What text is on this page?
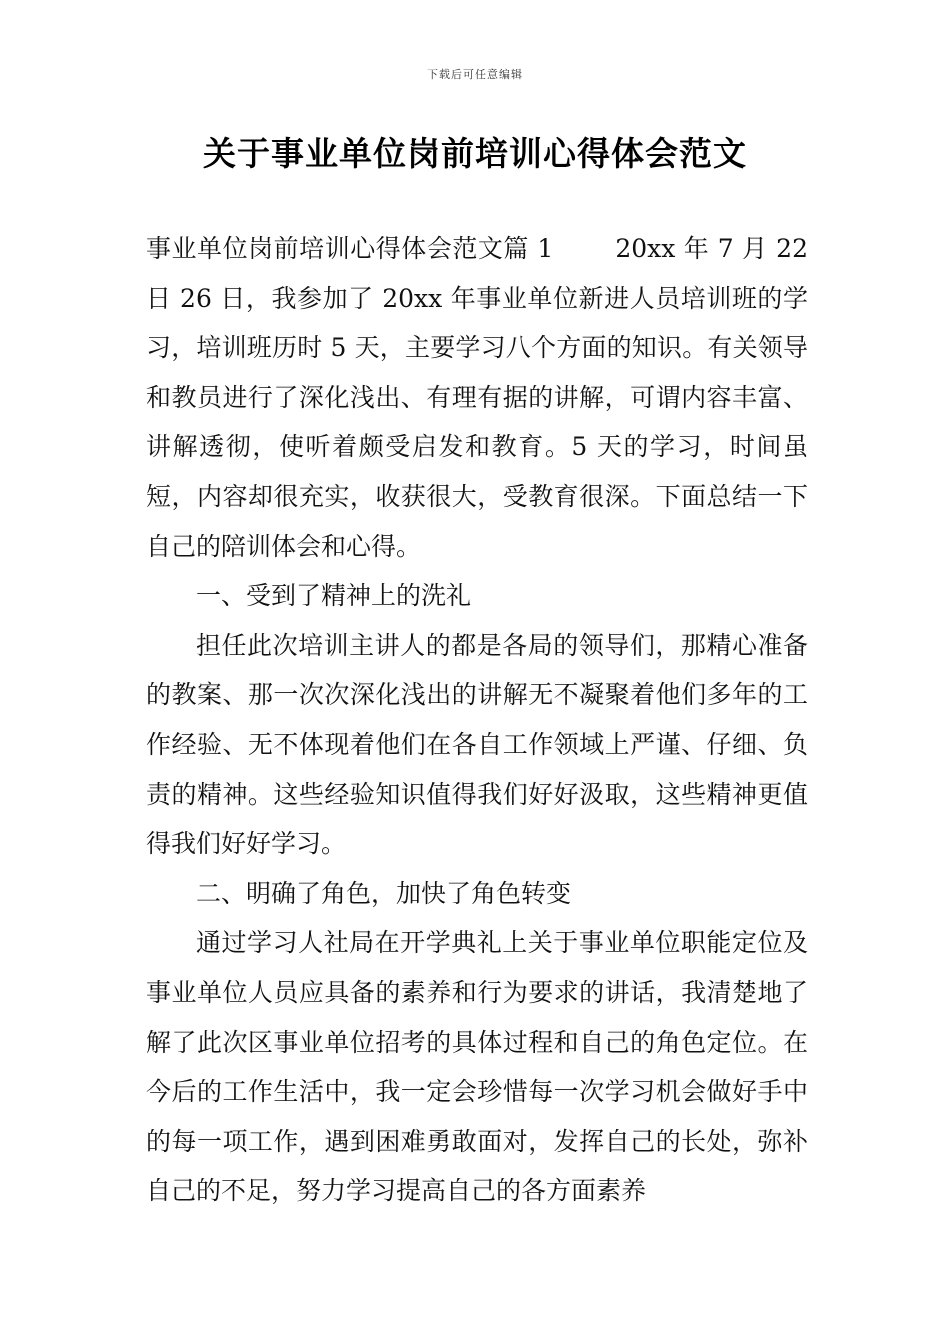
下载后可任意编辑
关于事业单位岗前培训心得体会范文

事业单位岗前培训心得体会范文篇 1 20xx 年 7 月 22 日 26 日，我参加了 20xx 年事业单位新进人员培训班的学习，培训班历时 5 天，主要学习八个方面的知识。有关领导和教员进行了深化浅出、有理有据的讲解，可谓内容丰富、讲解透彻，使听着颇受启发和教育。5 天的学习，时间虽短，内容却很充实，收获很大，受教育很深。下面总结一下自己的陪训体会和心得。

一、受到了精神上的洗礼

担任此次培训主讲人的都是各局的领导们，那精心准备的教案、那一次次深化浅出的讲解无不凝聚着他们多年的工作经验、无不体现着他们在各自工作领域上严谨、仔细、负责的精神。这些经验知识值得我们好好汲取，这些精神更值得我们好好学习。

二、明确了角色，加快了角色转变

通过学习人社局在开学典礼上关于事业单位职能定位及事业单位人员应具备的素养和行为要求的讲话，我清楚地了解了此次区事业单位招考的具体过程和自己的角色定位。在今后的工作生活中，我一定会珍惜每一次学习机会做好手中的每一项工作，遇到困难勇敢面对，发挥自己的长处，弥补自己的不足，努力学习提高自己的各方面素养
